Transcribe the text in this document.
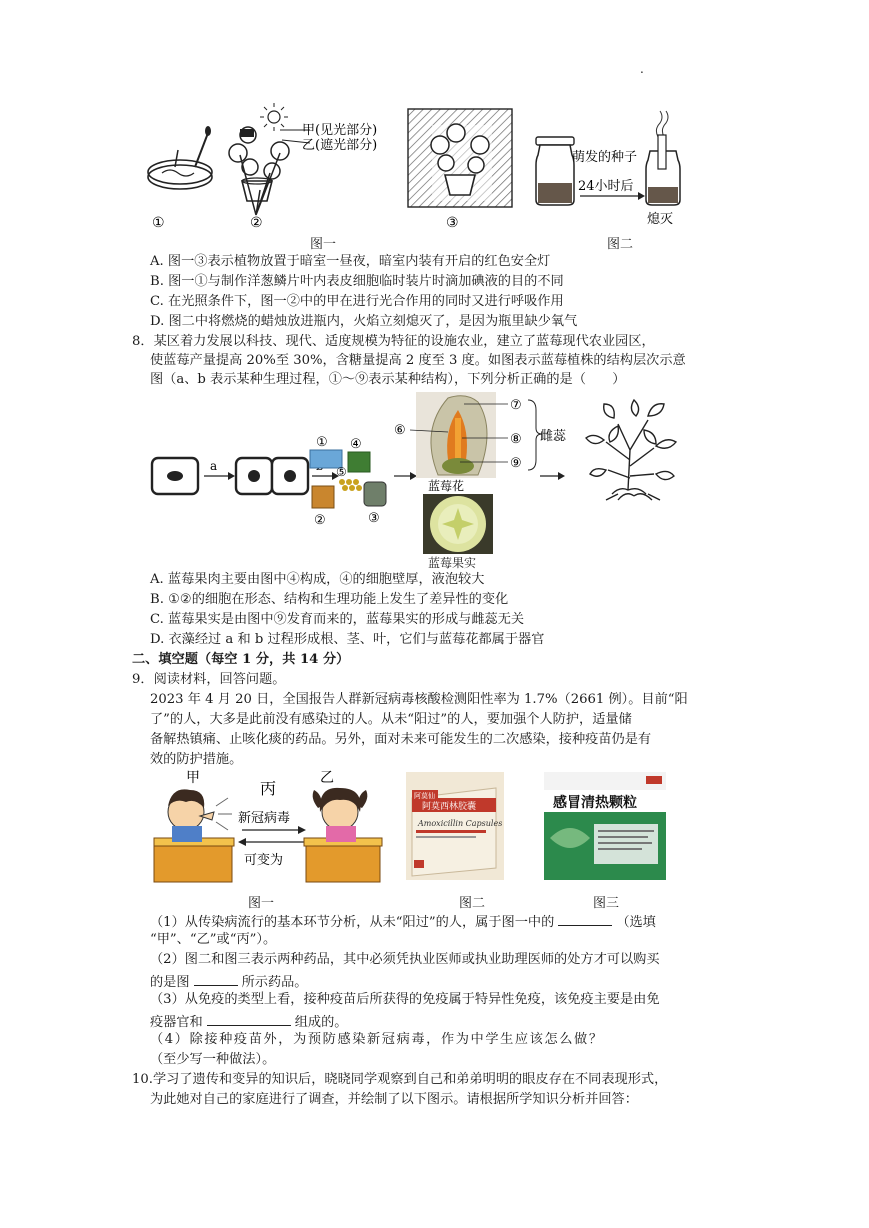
.
甲(见光部分)
乙(遮光部分)
萌发的种子
24小时后
熄灭
①	②	③
图一	图二
A. 图一③表示植物放置于暗室一昼夜，暗室内装有开启的红色安全灯
B. 图一①与制作洋葱鳞片叶内表皮细胞临时装片时滴加碘液的目的不同
C. 在光照条件下，图一②中的甲在进行光合作用的同时又进行呼吸作用
D. 图二中将燃烧的蜡烛放进瓶内，火焰立刻熄灭了，是因为瓶里缺少氧气
8．某区着力发展以科技、现代、适度规模为特征的设施农业，建立了蓝莓现代农业园区，
使蓝莓产量提高 20%至 30%，含糖量提高 2 度至 3 度。如图表示蓝莓植株的结构层次示意
图（a、b 表示某种生理过程，①～⑨表示某种结构），下列分析正确的是（　　）
a
①
②	③
④
⑤
⑥
⑦
⑧
⑨
雌蕊
蓝莓花
蓝莓果实
A. 蓝莓果肉主要由图中④构成，④的细胞壁厚，液泡较大
B. ①②的细胞在形态、结构和生理功能上发生了差异性的变化
C. 蓝莓果实是由图中⑨发育而来的，蓝莓果实的形成与雌蕊无关
D. 衣藻经过 a 和 b 过程形成根、茎、叶，它们与蓝莓花都属于器官
二、填空题（每空 1 分，共 14 分）
9．阅读材料，回答问题。
2023 年 4 月 20 日，全国报告人群新冠病毒核酸检测阳性率为 1.7%（2661 例）。目前“阳
了”的人，大多是此前没有感染过的人。从未“阳过”的人，要加强个人防护，适量储
备解热镇痛、止咳化痰的药品。另外，面对未来可能发生的二次感染，接种疫苗仍是有
效的防护措施。
甲	乙
丙
新冠病毒
可变为
阿莫仙
阿莫西林胶囊
Amoxicillin Capsules
感冒清热颗粒
图一	图二	图三
（1）从传染病流行的基本环节分析，从未“阳过”的人，属于图一中的	（选填
“甲”、“乙”或“丙”）。
（2）图二和图三表示两种药品，其中必须凭执业医师或执业助理医师的处方才可以购买
的是图	所示药品。
（3）从免疫的类型上看，接种疫苗后所获得的免疫属于特异性免疫，该免疫主要是由免
疫器官和	组成的。
（4）除接种疫苗外，为预防感染新冠病毒，作为中学生应该怎么做？
（至少写一种做法）。
10.学习了遗传和变异的知识后，晓晓同学观察到自己和弟弟明明的眼皮存在不同表现形式，
为此她对自己的家庭进行了调查，并绘制了以下图示。请根据所学知识分析并回答：
